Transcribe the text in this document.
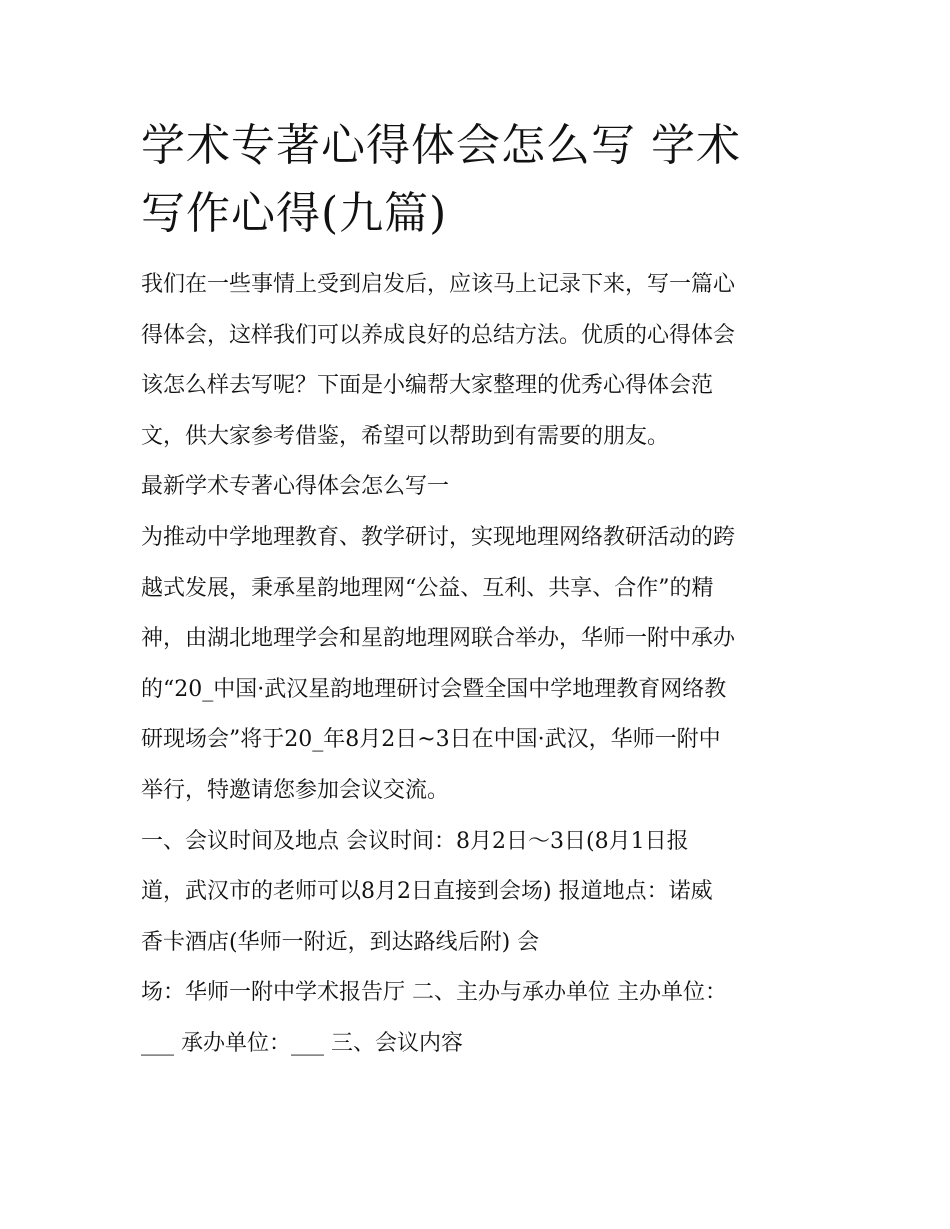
学术专著心得体会怎么写 学术
写作心得(九篇)
我们在一些事情上受到启发后，应该马上记录下来，写一篇心
得体会，这样我们可以养成良好的总结方法。优质的心得体会
该怎么样去写呢？下面是小编帮大家整理的优秀心得体会范
文，供大家参考借鉴，希望可以帮助到有需要的朋友。
最新学术专著心得体会怎么写一
为推动中学地理教育、教学研讨，实现地理网络教研活动的跨
越式发展，秉承星韵地理网“公益、互利、共享、合作”的精
神，由湖北地理学会和星韵地理网联合举办，华师一附中承办
的“20_中国·武汉星韵地理研讨会暨全国中学地理教育网络教
研现场会”将于20_年8月2日~3日在中国·武汉，华师一附中
举行，特邀请您参加会议交流。
一、会议时间及地点 会议时间：8月2日～3日(8月1日报
道，武汉市的老师可以8月2日直接到会场) 报道地点：诺威
香卡酒店(华师一附近，到达路线后附) 会
场：华师一附中学术报告厅 二、主办与承办单位 主办单位：
___ 承办单位：___ 三、会议内容
